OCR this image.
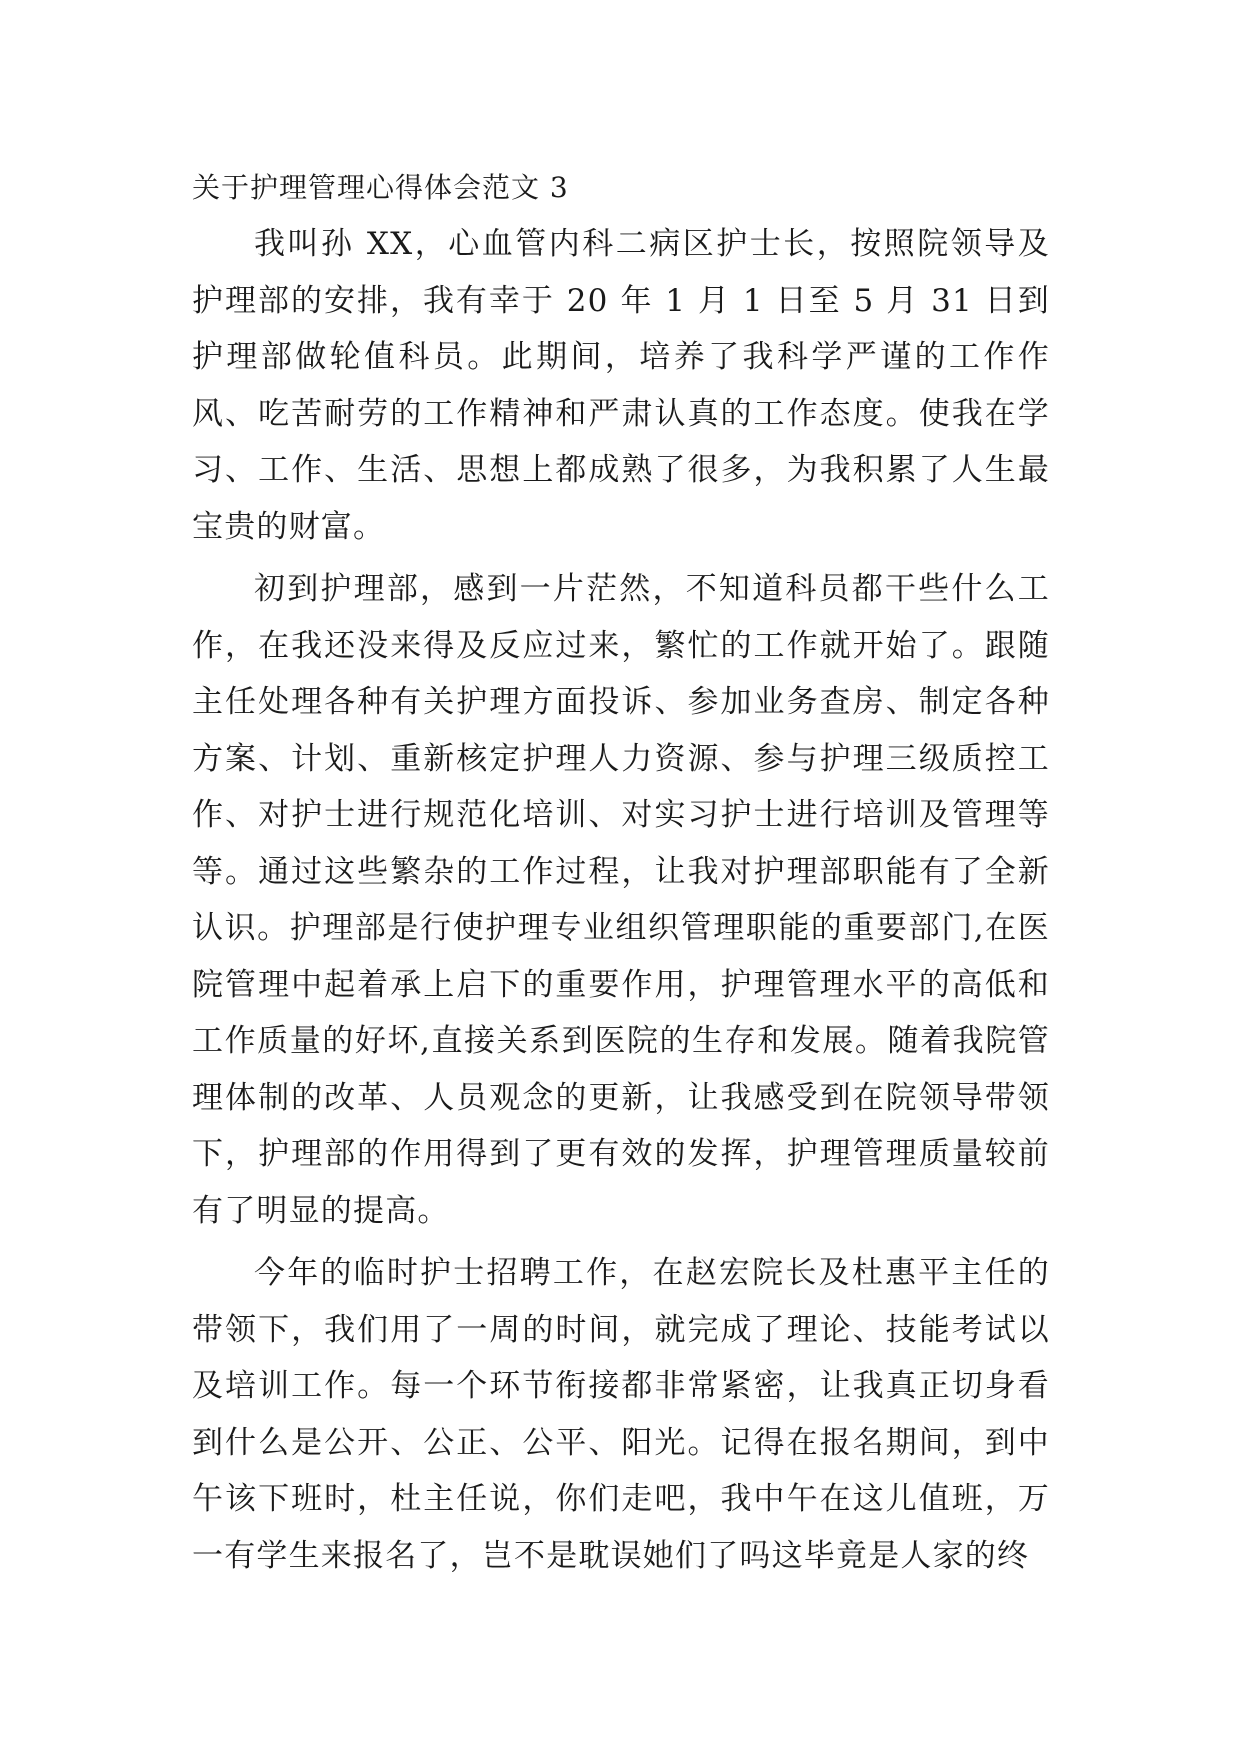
关于护理管理心得体会范文 3

我叫孙 XX，心血管内科二病区护士长，按照院领导及护理部的安排，我有幸于 20 年 1 月 1 日至 5 月 31 日到护理部做轮值科员。此期间，培养了我科学严谨的工作作风、吃苦耐劳的工作精神和严肃认真的工作态度。使我在学习、工作、生活、思想上都成熟了很多，为我积累了人生最宝贵的财富。

初到护理部，感到一片茫然，不知道科员都干些什么工作，在我还没来得及反应过来，繁忙的工作就开始了。跟随主任处理各种有关护理方面投诉、参加业务查房、制定各种方案、计划、重新核定护理人力资源、参与护理三级质控工作、对护士进行规范化培训、对实习护士进行培训及管理等等。通过这些繁杂的工作过程，让我对护理部职能有了全新认识。护理部是行使护理专业组织管理职能的重要部门,在医院管理中起着承上启下的重要作用，护理管理水平的高低和工作质量的好坏,直接关系到医院的生存和发展。随着我院管理体制的改革、人员观念的更新，让我感受到在院领导带领下，护理部的作用得到了更有效的发挥，护理管理质量较前有了明显的提高。

今年的临时护士招聘工作，在赵宏院长及杜惠平主任的带领下，我们用了一周的时间，就完成了理论、技能考试以及培训工作。每一个环节衔接都非常紧密，让我真正切身看到什么是公开、公正、公平、阳光。记得在报名期间，到中午该下班时，杜主任说，你们走吧，我中午在这儿值班，万一有学生来报名了，岂不是耽误她们了吗这毕竟是人家的终
